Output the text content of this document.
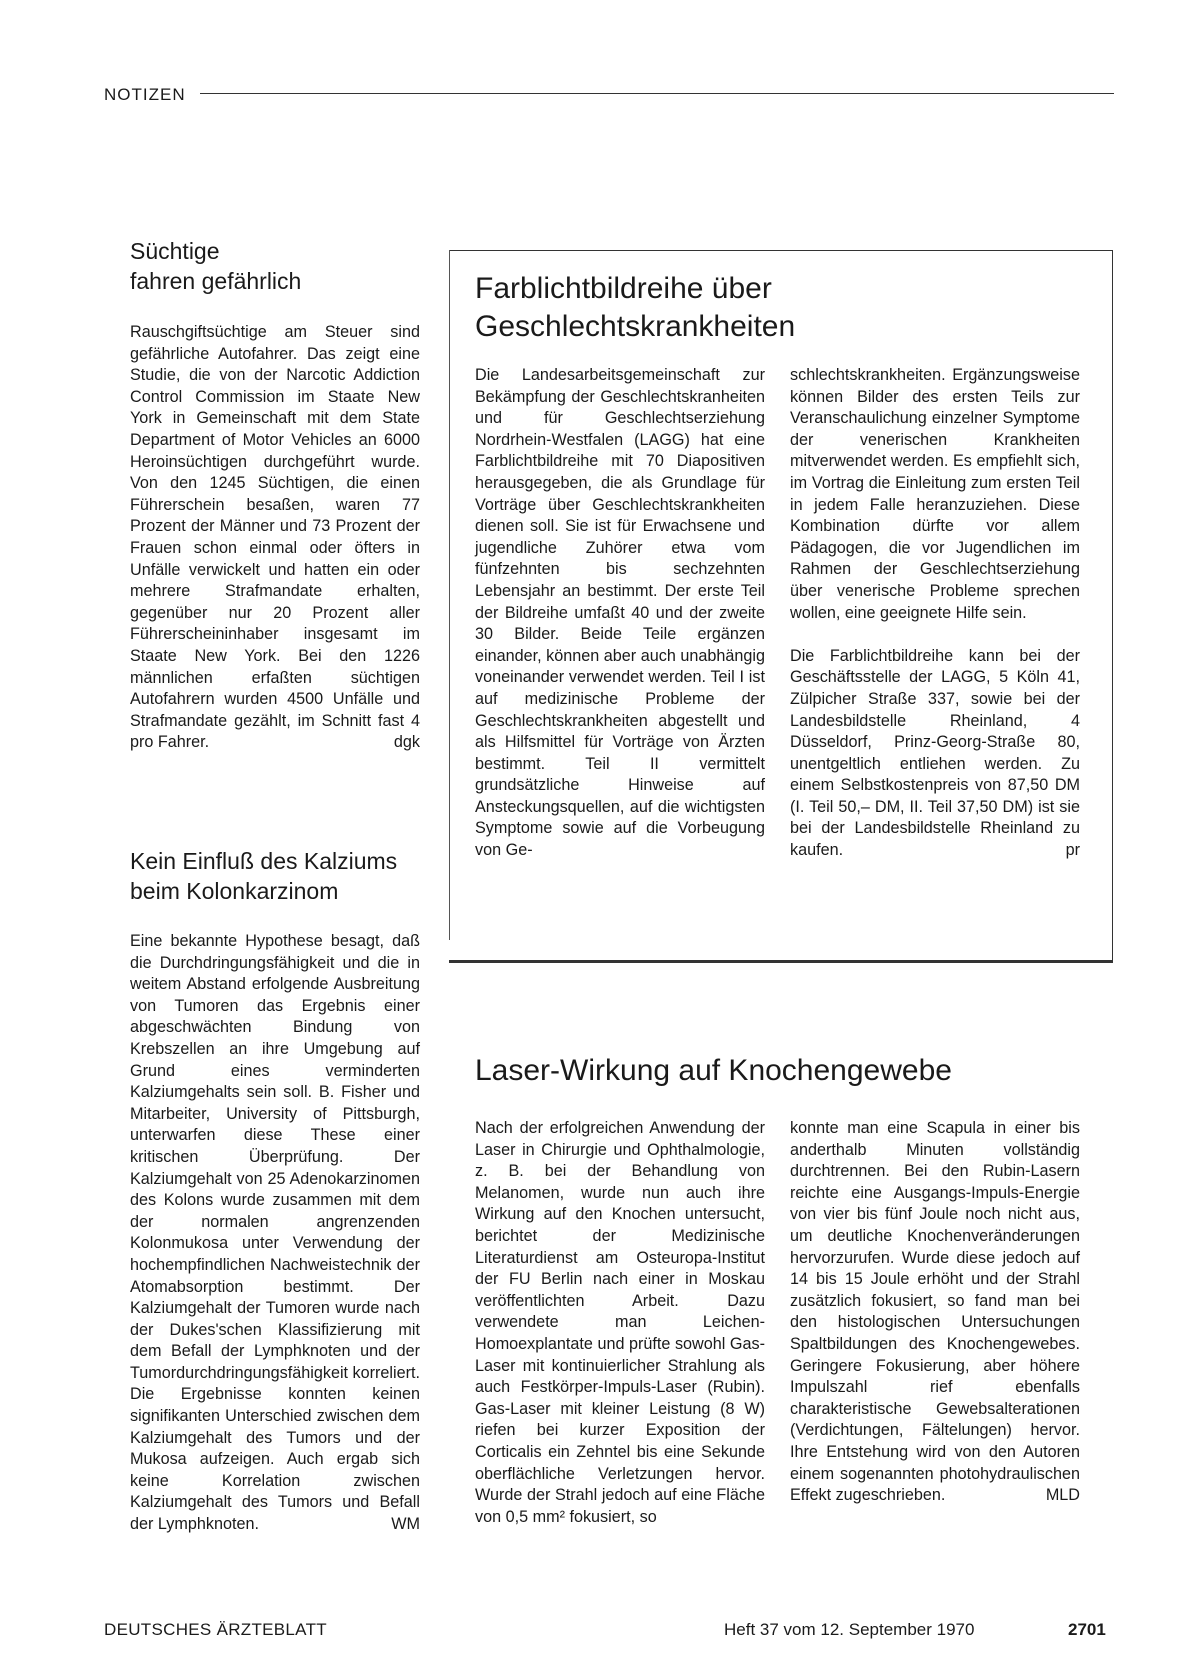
NOTIZEN
Süchtige
fahren gefährlich

Rauschgiftsüchtige am Steuer sind gefährliche Autofahrer. Das zeigt eine Studie, die von der Narcotic Addiction Control Commission im Staate New York in Gemeinschaft mit dem State Department of Motor Vehicles an 6000 Heroinsüchtigen durchgeführt wurde. Von den 1245 Süchtigen, die einen Führerschein besaßen, waren 77 Prozent der Männer und 73 Prozent der Frauen schon einmal oder öfters in Unfälle verwickelt und hatten ein oder mehrere Strafmandate erhalten, gegenüber nur 20 Prozent aller Führerscheininhaber insgesamt im Staate New York. Bei den 1226 männlichen erfaßten süchtigen Autofahrern wurden 4500 Unfälle und Strafmandate gezählt, im Schnitt fast 4 pro Fahrer.	dgk

Kein Einfluß des Kalziums
beim Kolonkarzinom

Eine bekannte Hypothese besagt, daß die Durchdringungsfähigkeit und die in weitem Abstand erfolgende Ausbreitung von Tumoren das Ergebnis einer abgeschwächten Bindung von Krebszellen an ihre Umgebung auf Grund eines verminderten Kalziumgehalts sein soll. B. Fisher und Mitarbeiter, University of Pittsburgh, unterwarfen diese These einer kritischen Überprüfung. Der Kalziumgehalt von 25 Adenokarzinomen des Kolons wurde zusammen mit dem der normalen angrenzenden Kolonmukosa unter Verwendung der hochempfindlichen Nachweistechnik der Atomabsorption bestimmt. Der Kalziumgehalt der Tumoren wurde nach der Dukes'schen Klassifizierung mit dem Befall der Lymphknoten und der Tumordurchdringungsfähigkeit korreliert. Die Ergebnisse konnten keinen signifikanten Unterschied zwischen dem Kalziumgehalt des Tumors und der Mukosa aufzeigen. Auch ergab sich keine Korrelation zwischen Kalziumgehalt des Tumors und Befall der Lymphknoten.	WM

Farblichtbildreihe über
Geschlechtskrankheiten

Die Landesarbeitsgemeinschaft zur Bekämpfung der Geschlechtskranheiten und für Geschlechtserziehung Nordrhein-Westfalen (LAGG) hat eine Farblichtbildreihe mit 70 Diapositiven herausgegeben, die als Grundlage für Vorträge über Geschlechtskrankheiten dienen soll. Sie ist für Erwachsene und jugendliche Zuhörer etwa vom fünfzehnten bis sechzehnten Lebensjahr an bestimmt. Der erste Teil der Bildreihe umfaßt 40 und der zweite 30 Bilder. Beide Teile ergänzen einander, können aber auch unabhängig voneinander verwendet werden. Teil I ist auf medizinische Probleme der Geschlechtskrankheiten abgestellt und als Hilfsmittel für Vorträge von Ärzten bestimmt. Teil II vermittelt grundsätzliche Hinweise auf Ansteckungsquellen, auf die wichtigsten Symptome sowie auf die Vorbeugung von Ge-

schlechtskrankheiten. Ergänzungsweise können Bilder des ersten Teils zur Veranschaulichung einzelner Symptome der venerischen Krankheiten mitverwendet werden. Es empfiehlt sich, im Vortrag die Einleitung zum ersten Teil in jedem Falle heranzuziehen. Diese Kombination dürfte vor allem Pädagogen, die vor Jugendlichen im Rahmen der Geschlechtserziehung über venerische Probleme sprechen wollen, eine geeignete Hilfe sein.

Die Farblichtbildreihe kann bei der Geschäftsstelle der LAGG, 5 Köln 41, Zülpicher Straße 337, sowie bei der Landesbildstelle Rheinland, 4 Düsseldorf, Prinz-Georg-Straße 80, unentgeltlich entliehen werden. Zu einem Selbstkostenpreis von 87,50 DM (I. Teil 50,– DM, II. Teil 37,50 DM) ist sie bei der Landesbildstelle Rheinland zu kaufen.	pr

Laser-Wirkung auf Knochengewebe

Nach der erfolgreichen Anwendung der Laser in Chirurgie und Ophthalmologie, z. B. bei der Behandlung von Melanomen, wurde nun auch ihre Wirkung auf den Knochen untersucht, berichtet der Medizinische Literaturdienst am Osteuropa-Institut der FU Berlin nach einer in Moskau veröffentlichten Arbeit. Dazu verwendete man Leichen-Homoexplantate und prüfte sowohl Gas-Laser mit kontinuierlicher Strahlung als auch Festkörper-Impuls-Laser (Rubin). Gas-Laser mit kleiner Leistung (8 W) riefen bei kurzer Exposition der Corticalis ein Zehntel bis eine Sekunde oberflächliche Verletzungen hervor. Wurde der Strahl jedoch auf eine Fläche von 0,5 mm² fokusiert, so

konnte man eine Scapula in einer bis anderthalb Minuten vollständig durchtrennen. Bei den Rubin-Lasern reichte eine Ausgangs-Impuls-Energie von vier bis fünf Joule noch nicht aus, um deutliche Knochenveränderungen hervorzurufen. Wurde diese jedoch auf 14 bis 15 Joule erhöht und der Strahl zusätzlich fokusiert, so fand man bei den histologischen Untersuchungen Spaltbildungen des Knochengewebes. Geringere Fokusierung, aber höhere Impulszahl rief ebenfalls charakteristische Gewebsalterationen (Verdichtungen, Fältelungen) hervor. Ihre Entstehung wird von den Autoren einem sogenannten photohydraulischen Effekt zugeschrieben.	MLD

DEUTSCHES ÄRZTEBLATT	Heft 37 vom 12. September 1970	2701
